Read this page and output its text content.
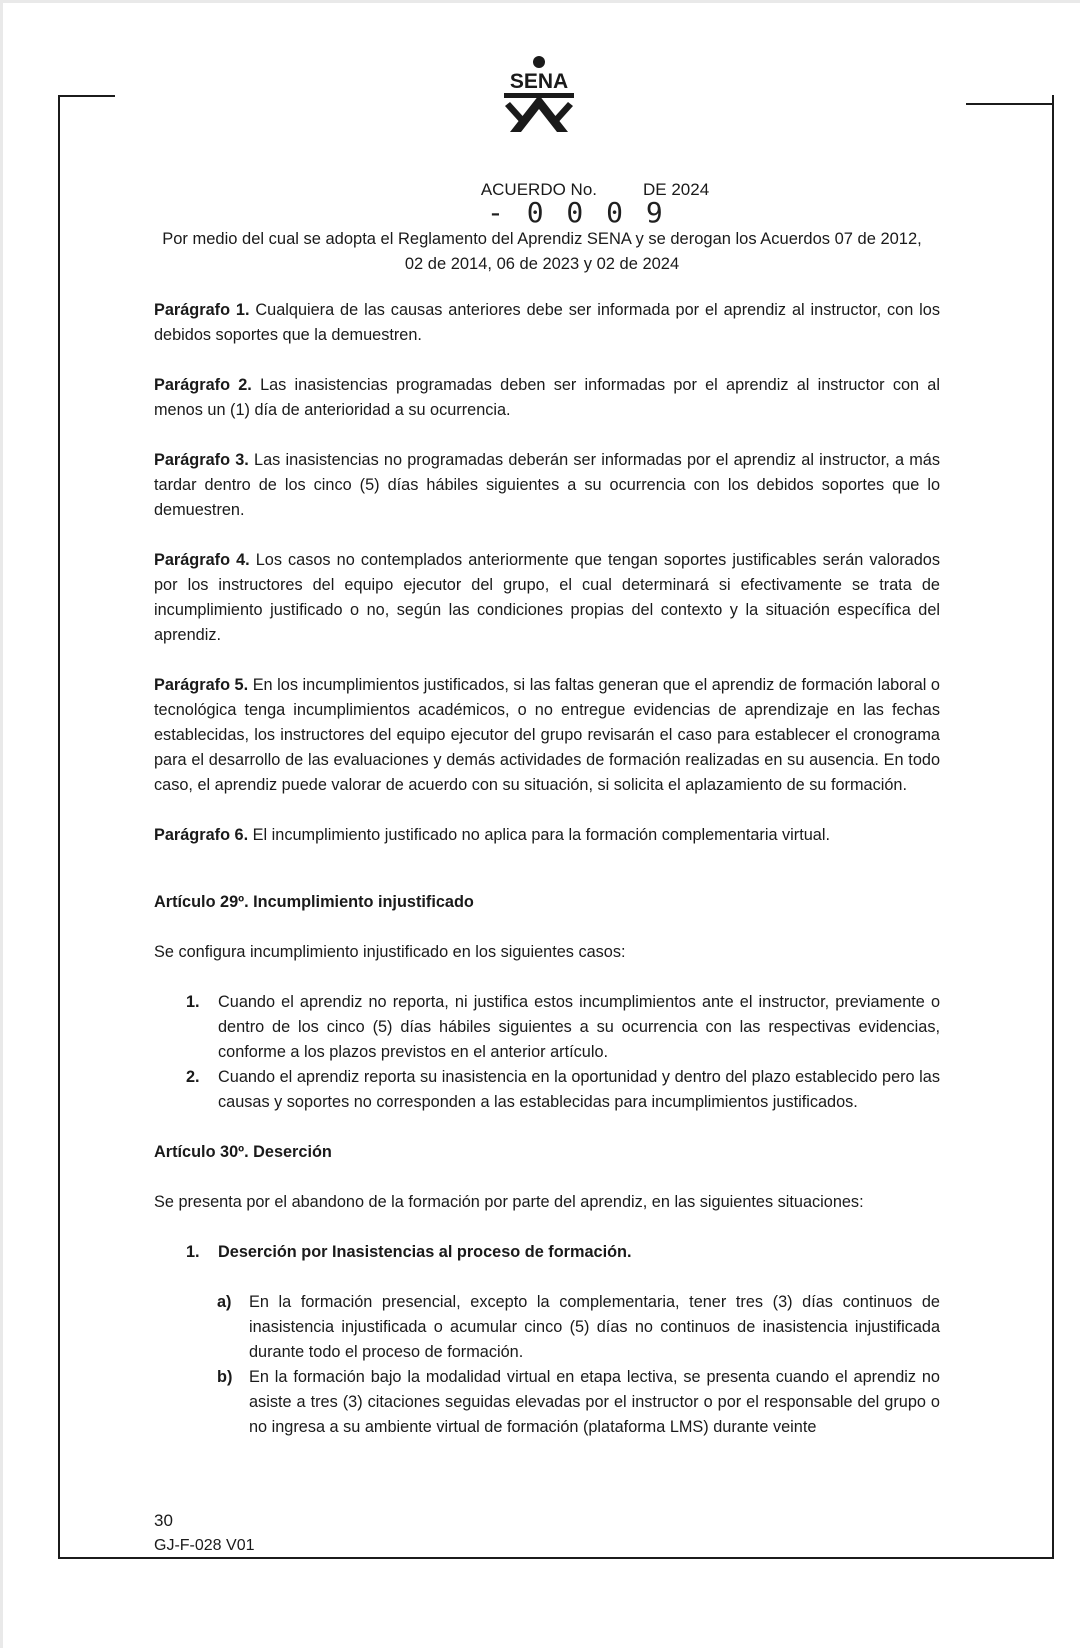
SENA
ACUERDO No.	DE 2024
- 0 0 0 9
Por medio del cual se adopta el Reglamento del Aprendiz SENA y se derogan los Acuerdos 07 de 2012, 02 de 2014, 06 de 2023 y 02 de 2024

Parágrafo 1. Cualquiera de las causas anteriores debe ser informada por el aprendiz al instructor, con los debidos soportes que la demuestren.

Parágrafo 2. Las inasistencias programadas deben ser informadas por el aprendiz al instructor con al menos un (1) día de anterioridad a su ocurrencia.

Parágrafo 3. Las inasistencias no programadas deberán ser informadas por el aprendiz al instructor, a más tardar dentro de los cinco (5) días hábiles siguientes a su ocurrencia con los debidos soportes que lo demuestren.

Parágrafo 4. Los casos no contemplados anteriormente que tengan soportes justificables serán valorados por los instructores del equipo ejecutor del grupo, el cual determinará si efectivamente se trata de incumplimiento justificado o no, según las condiciones propias del contexto y la situación específica del aprendiz.

Parágrafo 5. En los incumplimientos justificados, si las faltas generan que el aprendiz de formación laboral o tecnológica tenga incumplimientos académicos, o no entregue evidencias de aprendizaje en las fechas establecidas, los instructores del equipo ejecutor del grupo revisarán el caso para establecer el cronograma para el desarrollo de las evaluaciones y demás actividades de formación realizadas en su ausencia. En todo caso, el aprendiz puede valorar de acuerdo con su situación, si solicita el aplazamiento de su formación.

Parágrafo 6. El incumplimiento justificado no aplica para la formación complementaria virtual.

Artículo 29º. Incumplimiento injustificado

Se configura incumplimiento injustificado en los siguientes casos:

1. Cuando el aprendiz no reporta, ni justifica estos incumplimientos ante el instructor, previamente o dentro de los cinco (5) días hábiles siguientes a su ocurrencia con las respectivas evidencias, conforme a los plazos previstos en el anterior artículo.
2. Cuando el aprendiz reporta su inasistencia en la oportunidad y dentro del plazo establecido pero las causas y soportes no corresponden a las establecidas para incumplimientos justificados.

Artículo 30º. Deserción

Se presenta por el abandono de la formación por parte del aprendiz, en las siguientes situaciones:

1. Deserción por Inasistencias al proceso de formación.
a) En la formación presencial, excepto la complementaria, tener tres (3) días continuos de inasistencia injustificada o acumular cinco (5) días no continuos de inasistencia injustificada durante todo el proceso de formación.
b) En la formación bajo la modalidad virtual en etapa lectiva, se presenta cuando el aprendiz no asiste a tres (3) citaciones seguidas elevadas por el instructor o por el responsable del grupo o no ingresa a su ambiente virtual de formación (plataforma LMS) durante veinte
30
GJ-F-028 V01
